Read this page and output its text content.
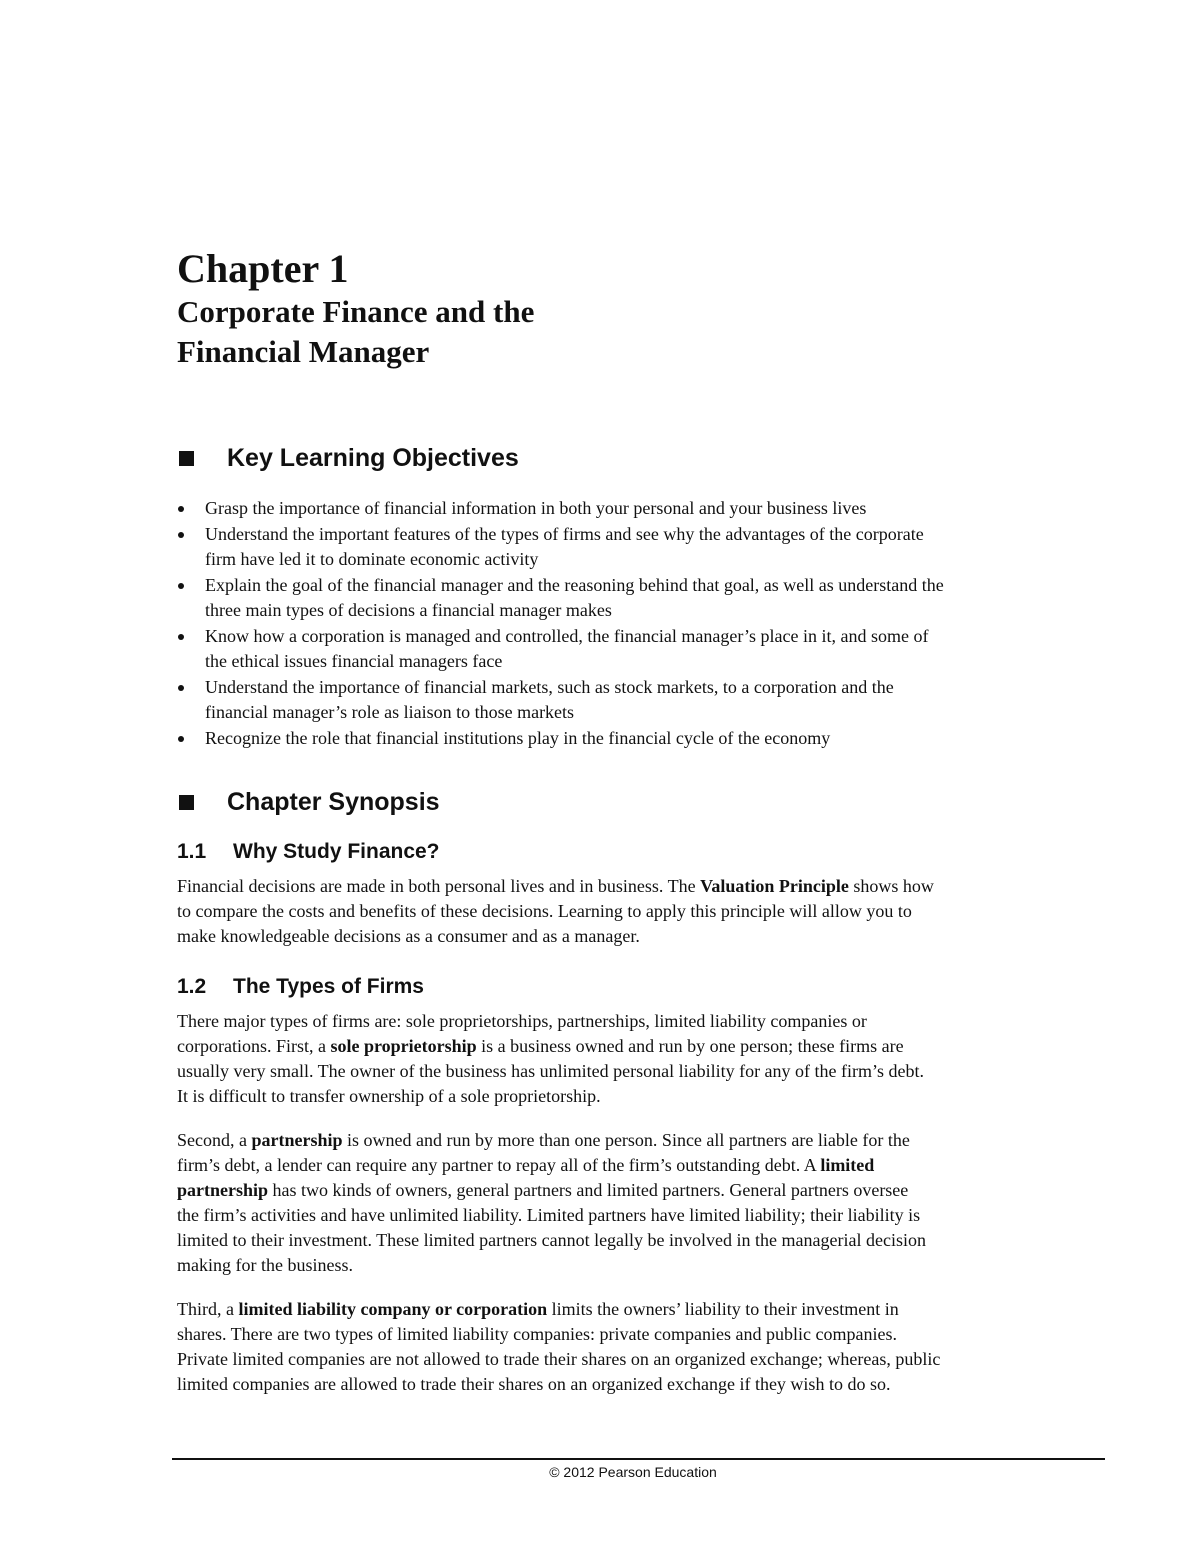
Chapter 1
Corporate Finance and the
Financial Manager
Key Learning Objectives
Grasp the importance of financial information in both your personal and your business lives
Understand the important features of the types of firms and see why the advantages of the corporate
firm have led it to dominate economic activity
Explain the goal of the financial manager and the reasoning behind that goal, as well as understand the
three main types of decisions a financial manager makes
Know how a corporation is managed and controlled, the financial manager’s place in it, and some of
the ethical issues financial managers face
Understand the importance of financial markets, such as stock markets, to a corporation and the
financial manager’s role as liaison to those markets
Recognize the role that financial institutions play in the financial cycle of the economy
Chapter Synopsis
1.1 Why Study Finance?

Financial decisions are made in both personal lives and in business. The Valuation Principle shows how
to compare the costs and benefits of these decisions. Learning to apply this principle will allow you to
make knowledgeable decisions as a consumer and as a manager.

1.2 The Types of Firms

There major types of firms are: sole proprietorships, partnerships, limited liability companies or
corporations. First, a sole proprietorship is a business owned and run by one person; these firms are
usually very small. The owner of the business has unlimited personal liability for any of the firm’s debt.
It is difficult to transfer ownership of a sole proprietorship.

Second, a partnership is owned and run by more than one person. Since all partners are liable for the
firm’s debt, a lender can require any partner to repay all of the firm’s outstanding debt. A limited
partnership has two kinds of owners, general partners and limited partners. General partners oversee
the firm’s activities and have unlimited liability. Limited partners have limited liability; their liability is
limited to their investment. These limited partners cannot legally be involved in the managerial decision
making for the business.

Third, a limited liability company or corporation limits the owners’ liability to their investment in
shares. There are two types of limited liability companies: private companies and public companies.
Private limited companies are not allowed to trade their shares on an organized exchange; whereas, public
limited companies are allowed to trade their shares on an organized exchange if they wish to do so.

© 2012 Pearson Education
